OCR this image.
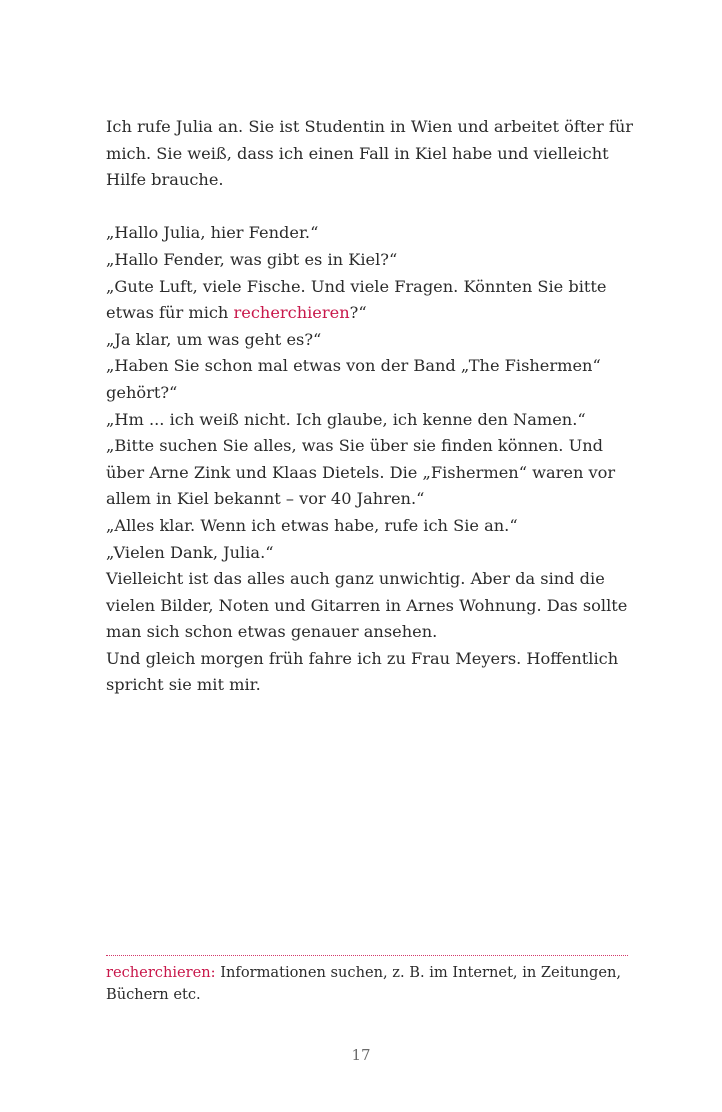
Ich rufe Julia an. Sie ist Studentin in Wien und arbeitet öfter für mich. Sie weiß, dass ich einen Fall in Kiel habe und vielleicht Hilfe brauche.

„Hallo Julia, hier Fender.“

„Hallo Fender, was gibt es in Kiel?“

„Gute Luft, viele Fische. Und viele Fragen. Könnten Sie bitte etwas für mich recherchieren?“

„Ja klar, um was geht es?“

„Haben Sie schon mal etwas von der Band „The Fishermen“ gehört?“

„Hm ... ich weiß nicht. Ich glaube, ich kenne den Namen.“

„Bitte suchen Sie alles, was Sie über sie finden können. Und über Arne Zink und Klaas Dietels. Die „Fishermen“ waren vor allem in Kiel bekannt – vor 40 Jahren.“

„Alles klar. Wenn ich etwas habe, rufe ich Sie an.“

„Vielen Dank, Julia.“

Vielleicht ist das alles auch ganz unwichtig. Aber da sind die vielen Bilder, Noten und Gitarren in Arnes Wohnung. Das sollte man sich schon etwas genauer ansehen.

Und gleich morgen früh fahre ich zu Frau Meyers. Hoffentlich spricht sie mit mir.

recherchieren: Informationen suchen, z. B. im Internet, in Zeitungen, Büchern etc.
17
